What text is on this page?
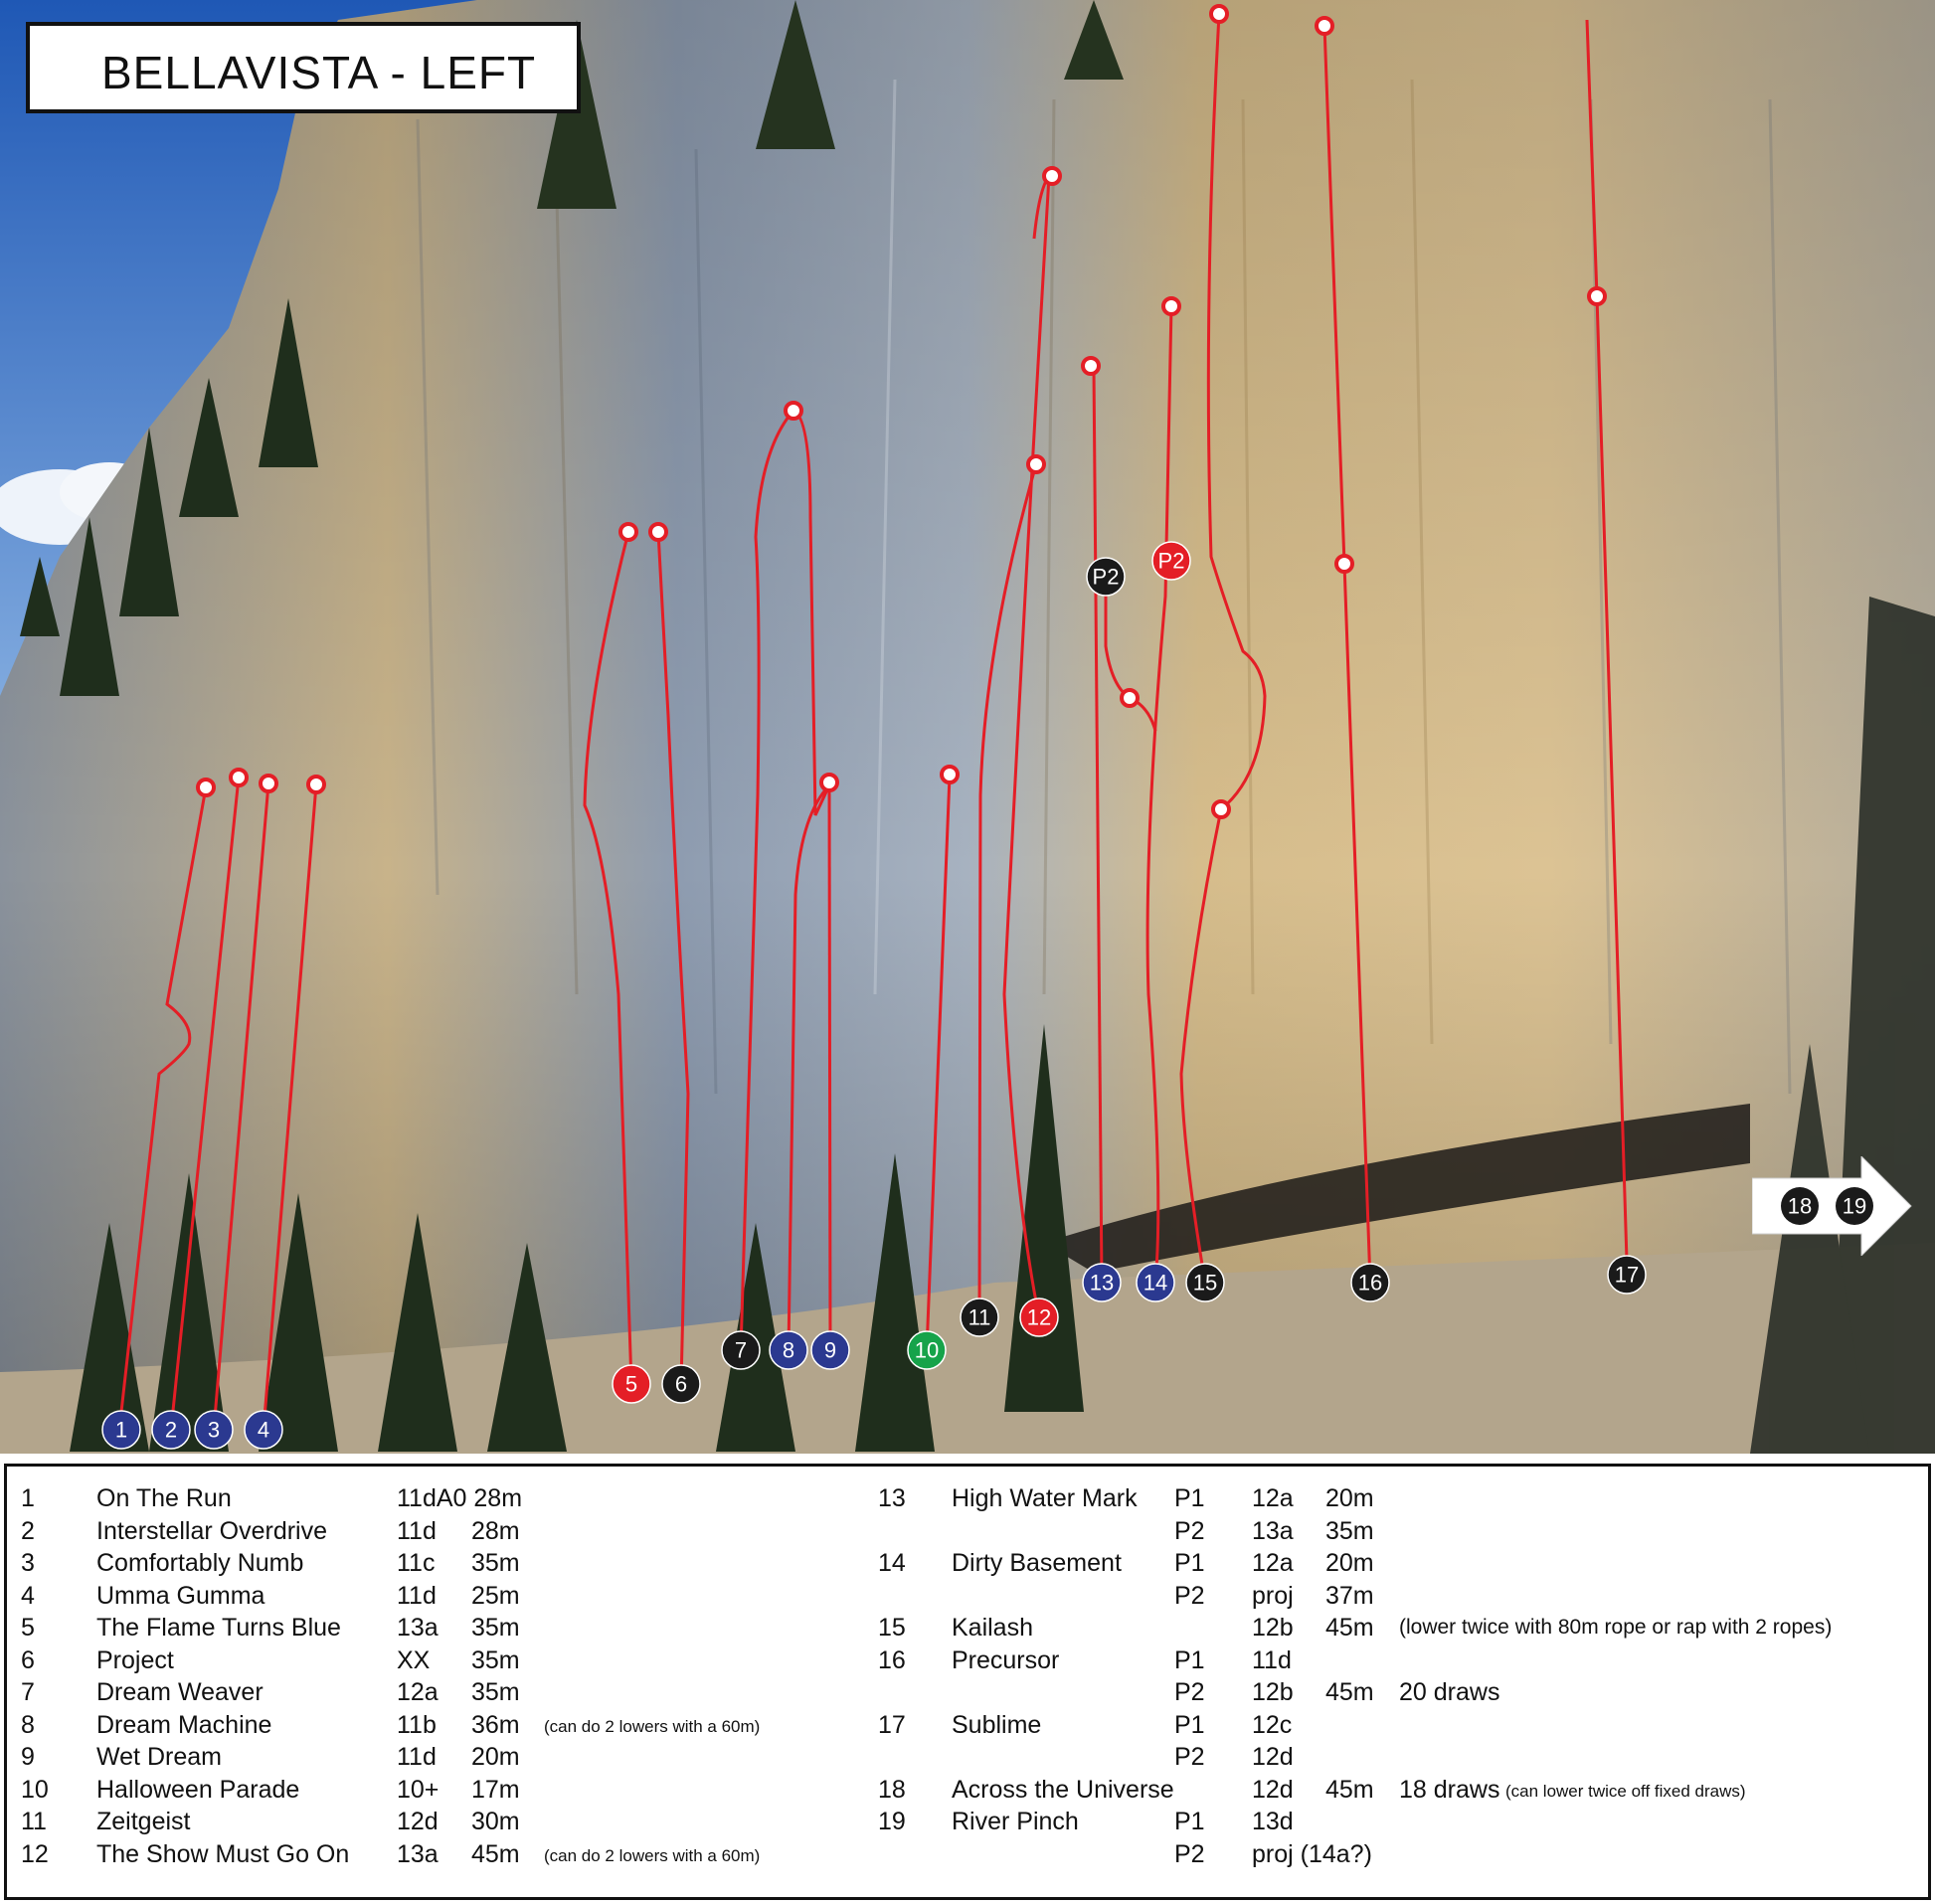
1 2 3 4
5 6
7 8 9	10
11 12
13 14 15	16	17
P2
P2
BELLAVISTA - LEFT
18 19
1 On The Run	11dA0 28m
2 Interstellar Overdrive	11d 28m
3 Comfortably Numb	11c 35m
4 Umma Gumma	11d 25m
5 The Flame Turns Blue 13a 35m
6 Project	XX 35m
7 Dream Weaver	12a 35m
8 Dream Machine	11b 36m (can do 2 lowers with a 60m)
9 Wet Dream	11d 20m
10 Halloween Parade	10+ 17m
11 Zeitgeist	12d 30m
12 The Show Must Go On 13a 45m (can do 2 lowers with a 60m)
13 High Water Mark P1 12a 20m
P2 13a 35m
14 Dirty Basement P1 12a 20m
P2 proj 37m
15 Kailash	12b 45m (lower twice with 80m rope or rap with 2 ropes)
16 Precursor	P1 11d
P2 12b 45m 20 draws
17 Sublime	P1 12c
P2 12d
18 Across the Universe	12d 45m 18 draws (can lower twice off fixed draws)
19 River Pinch	P1 13d
P2 proj (14a?)
